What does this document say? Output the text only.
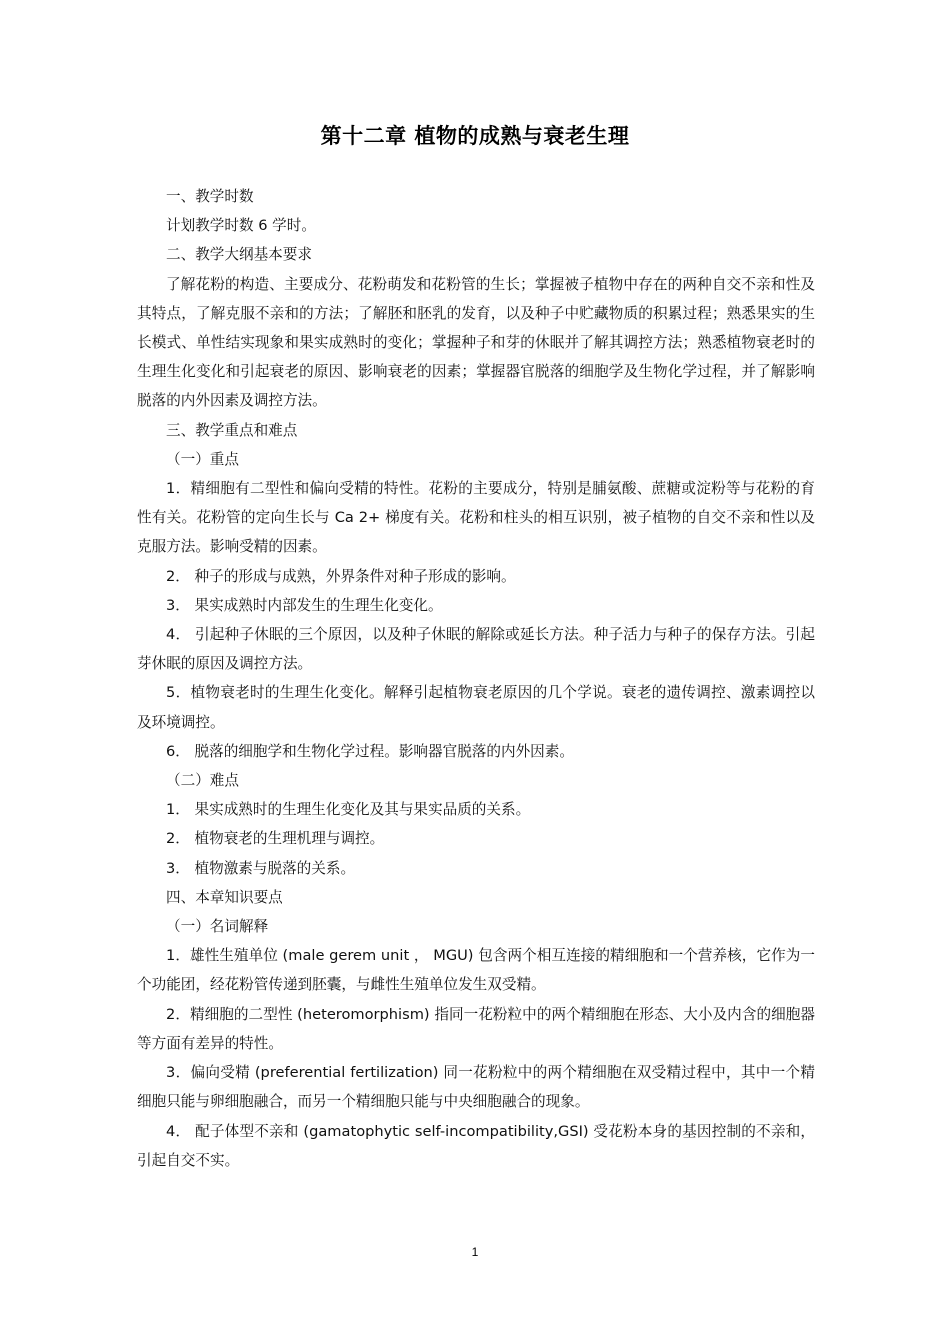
第十二章 植物的成熟与衰老生理

一、教学时数

计划教学时数 6 学时。

二、教学大纲基本要求

了解花粉的构造、主要成分、花粉萌发和花粉管的生长；掌握被子植物中存在的两种自交不亲和性及其特点，了解克服不亲和的方法；了解胚和胚乳的发育，以及种子中贮藏物质的积累过程；熟悉果实的生长模式、单性结实现象和果实成熟时的变化；掌握种子和芽的休眠并了解其调控方法；熟悉植物衰老时的生理生化变化和引起衰老的原因、影响衰老的因素；掌握器官脱落的细胞学及生物化学过程，并了解影响脱落的内外因素及调控方法。

三、教学重点和难点

（一）重点

1．精细胞有二型性和偏向受精的特性。花粉的主要成分，特别是脯氨酸、蔗糖或淀粉等与花粉的育性有关。花粉管的定向生长与 Ca 2+ 梯度有关。花粉和柱头的相互识别，被子植物的自交不亲和性以及克服方法。影响受精的因素。

2． 种子的形成与成熟，外界条件对种子形成的影响。

3． 果实成熟时内部发生的生理生化变化。

4． 引起种子休眠的三个原因，以及种子休眠的解除或延长方法。种子活力与种子的保存方法。引起芽休眠的原因及调控方法。

5．植物衰老时的生理生化变化。解释引起植物衰老原因的几个学说。衰老的遗传调控、激素调控以及环境调控。

6． 脱落的细胞学和生物化学过程。影响器官脱落的内外因素。

（二）难点

1． 果实成熟时的生理生化变化及其与果实品质的关系。

2． 植物衰老的生理机理与调控。

3． 植物激素与脱落的关系。

四、本章知识要点

（一）名词解释

1．雄性生殖单位 (male gerem unit ， MGU) 包含两个相互连接的精细胞和一个营养核，它作为一个功能团，经花粉管传递到胚囊，与雌性生殖单位发生双受精。

2．精细胞的二型性 (heteromorphism) 指同一花粉粒中的两个精细胞在形态、大小及内含的细胞器等方面有差异的特性。

3．偏向受精 (preferential fertilization) 同一花粉粒中的两个精细胞在双受精过程中，其中一个精细胞只能与卵细胞融合，而另一个精细胞只能与中央细胞融合的现象。

4． 配子体型不亲和 (gamatophytic self-incompatibility,GSI) 受花粉本身的基因控制的不亲和，引起自交不实。

1
